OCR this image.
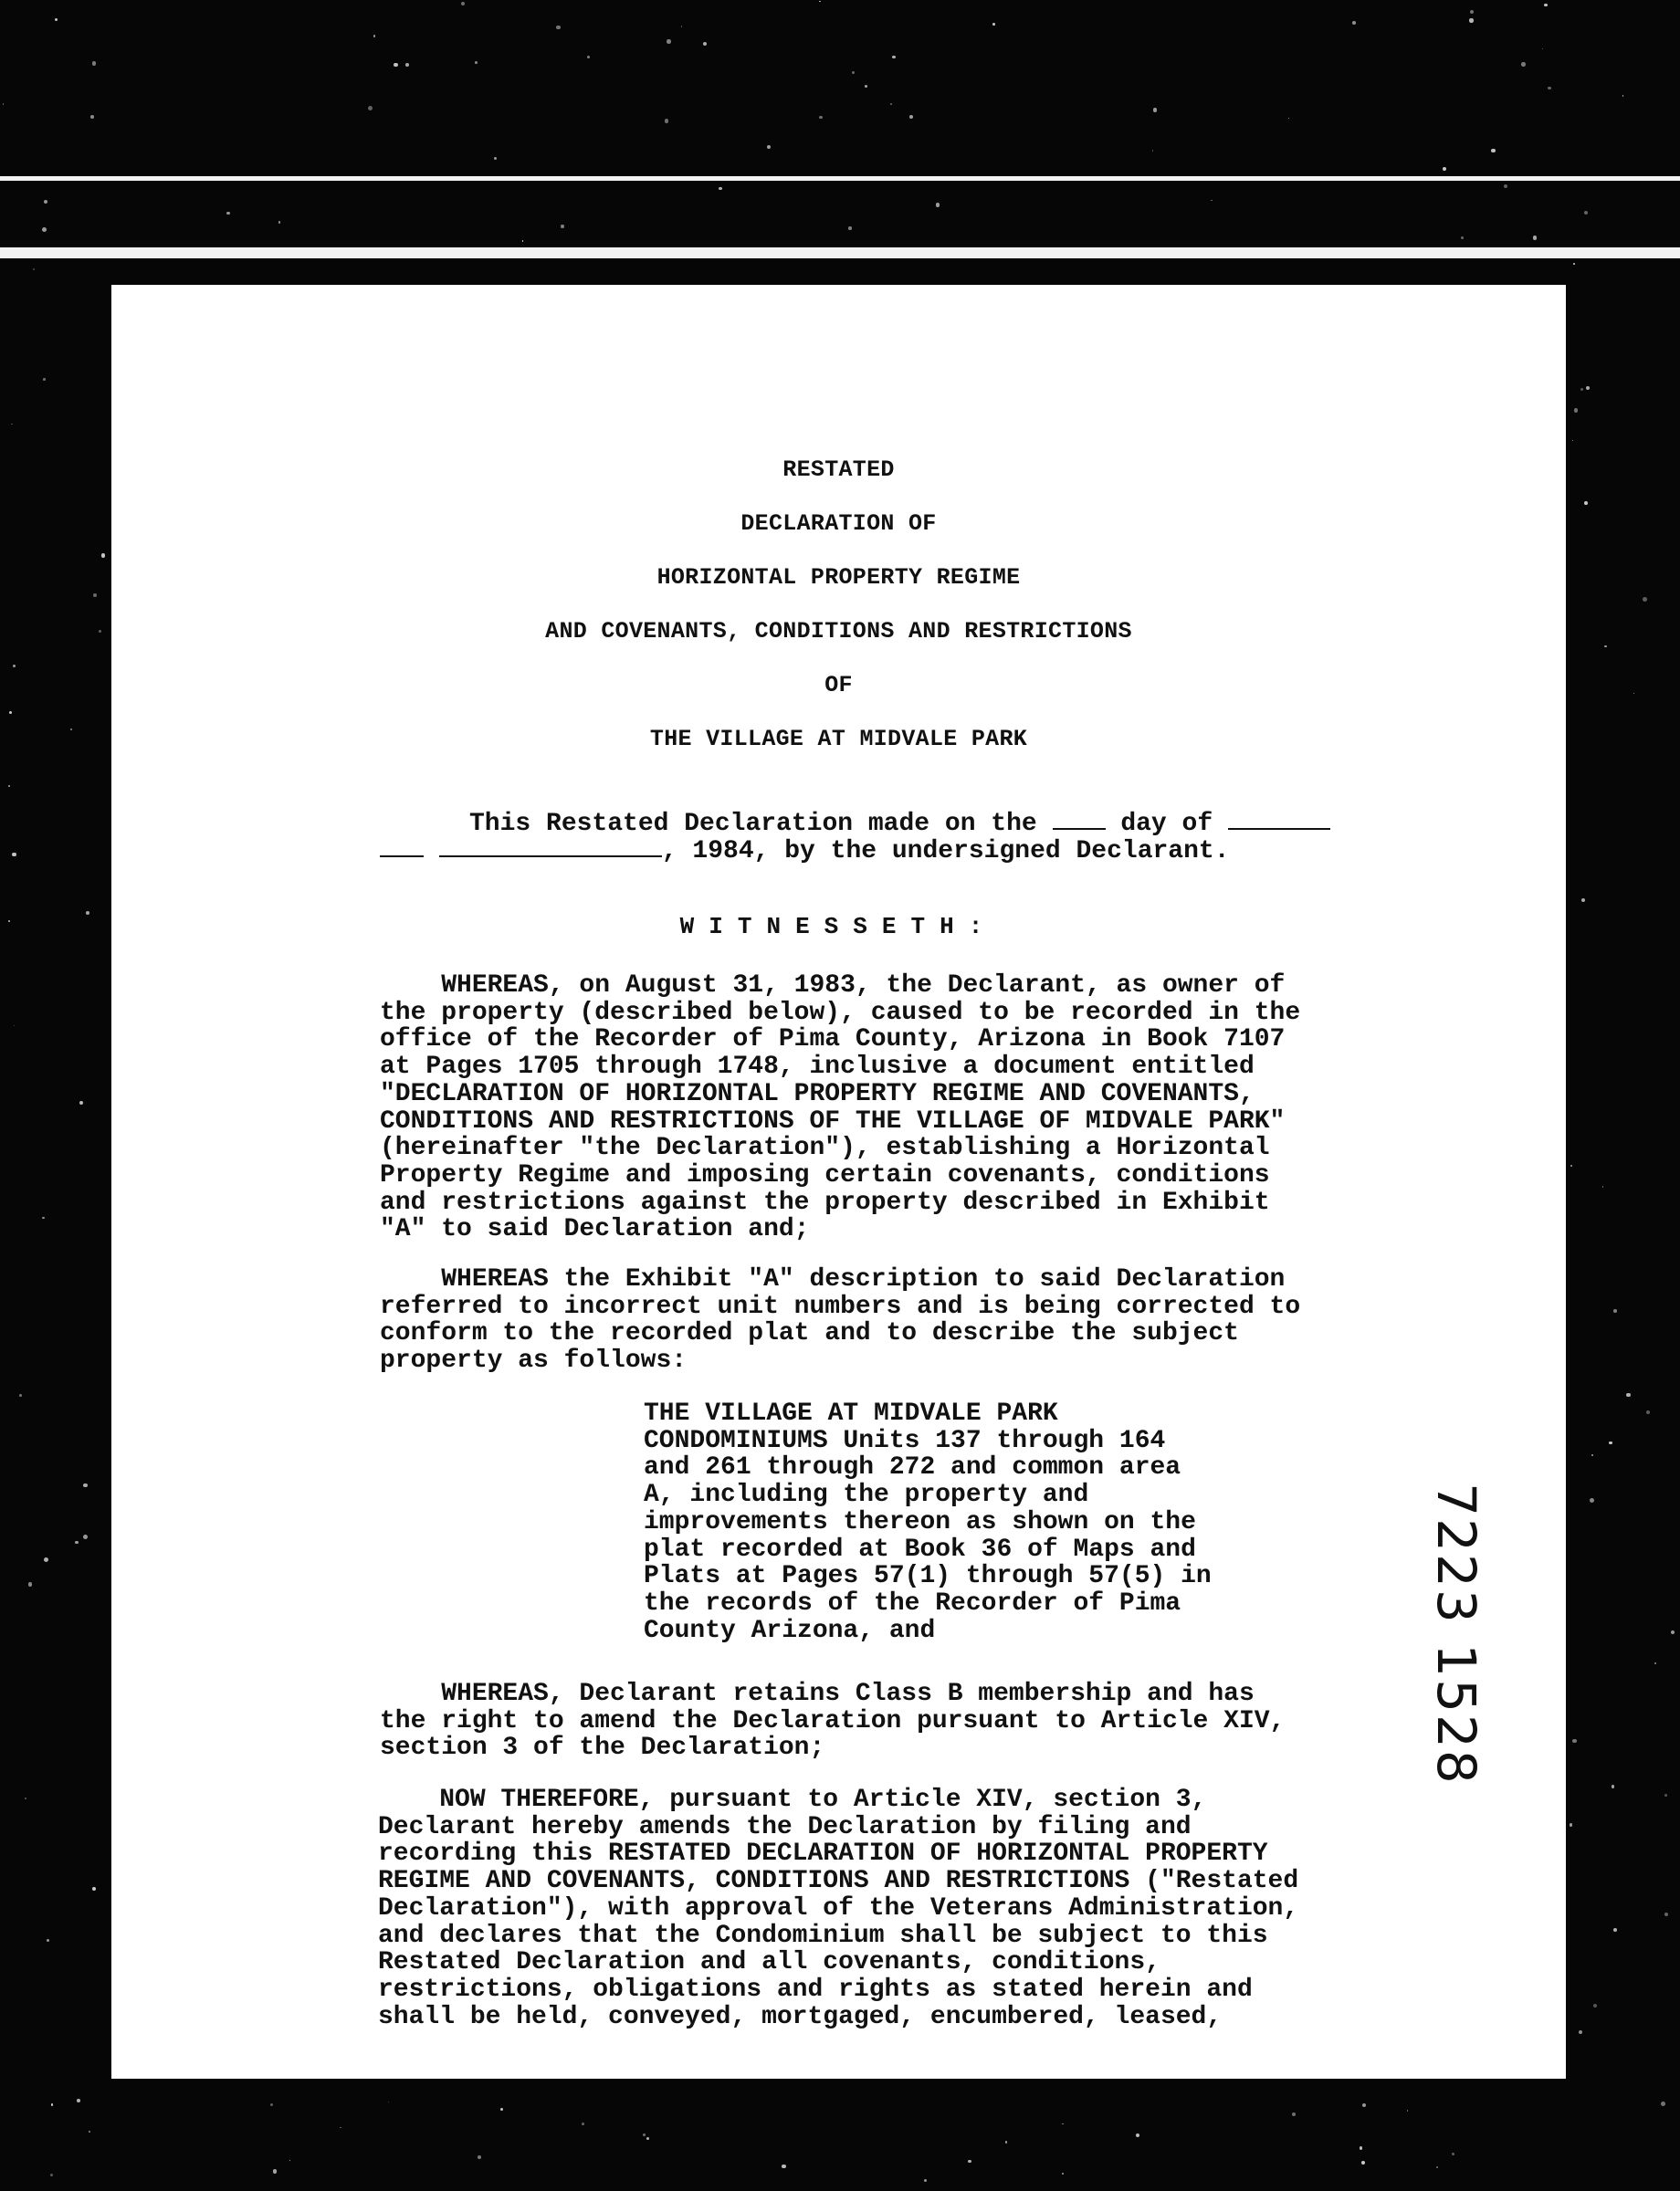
RESTATED
DECLARATION OF
HORIZONTAL PROPERTY REGIME
AND COVENANTS, CONDITIONS AND RESTRICTIONS
OF
THE VILLAGE AT MIDVALE PARK
This Restated Declaration made on the  day of
, 1984, by the undersigned Declarant.
WITNESSETH:
WHEREAS, on August 31, 1983, the Declarant, as owner of
the property (described below), caused to be recorded in the
office of the Recorder of Pima County, Arizona in Book 7107
at Pages 1705 through 1748, inclusive a document entitled
"DECLARATION OF HORIZONTAL PROPERTY REGIME AND COVENANTS,
CONDITIONS AND RESTRICTIONS OF THE VILLAGE OF MIDVALE PARK"
(hereinafter "the Declaration"), establishing a Horizontal
Property Regime and imposing certain covenants, conditions
and restrictions against the property described in Exhibit
"A" to said Declaration and;
WHEREAS the Exhibit "A" description to said Declaration
referred to incorrect unit numbers and is being corrected to
conform to the recorded plat and to describe the subject
property as follows:
THE VILLAGE AT MIDVALE PARK
CONDOMINIUMS Units 137 through 164
and 261 through 272 and common area
A, including the property and
improvements thereon as shown on the
plat recorded at Book 36 of Maps and
Plats at Pages 57(1) through 57(5) in
the records of the Recorder of Pima
County Arizona, and
WHEREAS, Declarant retains Class B membership and has
the right to amend the Declaration pursuant to Article XIV,
section 3 of the Declaration;
NOW THEREFORE, pursuant to Article XIV, section 3,
Declarant hereby amends the Declaration by filing and
recording this RESTATED DECLARATION OF HORIZONTAL PROPERTY
REGIME AND COVENANTS, CONDITIONS AND RESTRICTIONS ("Restated
Declaration"), with approval of the Veterans Administration,
and declares that the Condominium shall be subject to this
Restated Declaration and all covenants, conditions,
restrictions, obligations and rights as stated herein and
shall be held, conveyed, mortgaged, encumbered, leased,
7223 1528
